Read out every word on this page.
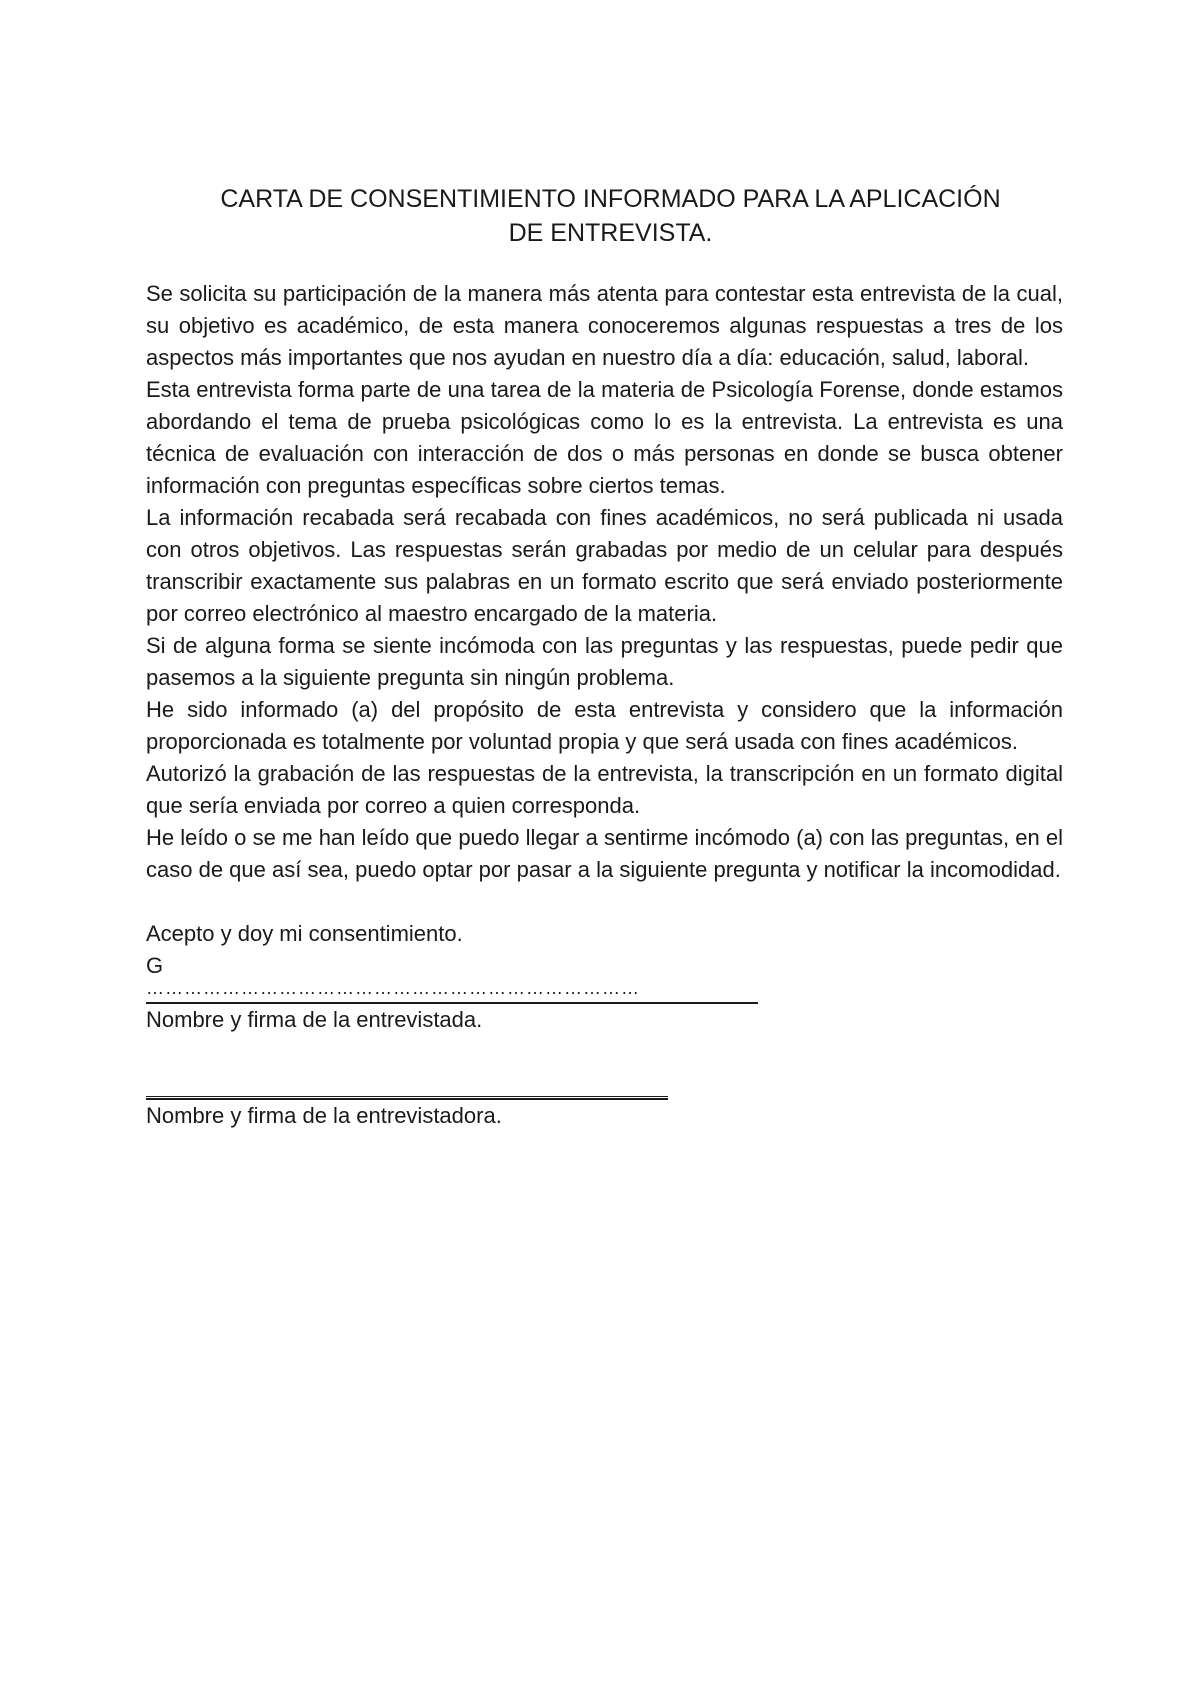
CARTA DE CONSENTIMIENTO INFORMADO PARA LA APLICACIÓN
DE ENTREVISTA.

Se solicita su participación de la manera más atenta para contestar esta entrevista de la cual, su objetivo es académico, de esta manera conoceremos algunas respuestas a tres de los aspectos más importantes que nos ayudan en nuestro día a día: educación, salud, laboral.

Esta entrevista forma parte de una tarea de la materia de Psicología Forense, donde estamos abordando el tema de prueba psicológicas como lo es la entrevista. La entrevista es una técnica de evaluación con interacción de dos o más personas en donde se busca obtener información con preguntas específicas sobre ciertos temas.

La información recabada será recabada con fines académicos, no será publicada ni usada con otros objetivos. Las respuestas serán grabadas por medio de un celular para después transcribir exactamente sus palabras en un formato escrito que será enviado posteriormente por correo electrónico al maestro encargado de la materia.

Si de alguna forma se siente incómoda con las preguntas y las respuestas, puede pedir que pasemos a la siguiente pregunta sin ningún problema.

He sido informado (a) del propósito de esta entrevista y considero que la información proporcionada es totalmente por voluntad propia y que será usada con fines académicos.

Autorizó la grabación de las respuestas de la entrevista, la transcripción en un formato digital que sería enviada por correo a quien corresponda.

He leído o se me han leído que puedo llegar a sentirme incómodo (a) con las preguntas, en el caso de que así sea, puedo optar por pasar a la siguiente pregunta y notificar la incomodidad.

Acepto y doy mi consentimiento.
G
……………………………………………………………………
Nombre y firma de la entrevistada.
Nombre y firma de la entrevistadora.
